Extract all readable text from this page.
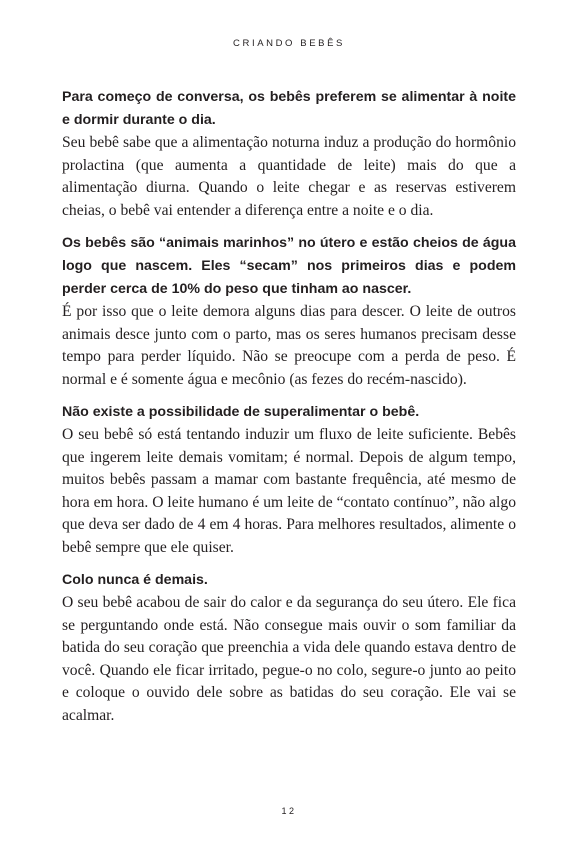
CRIANDO BEBÊS

Para começo de conversa, os bebês preferem se alimentar à noite e dormir durante o dia.

Seu bebê sabe que a alimentação noturna induz a produção do hormônio prolactina (que aumenta a quantidade de leite) mais do que a alimentação diurna. Quando o leite chegar e as reservas estiverem cheias, o bebê vai entender a diferença entre a noite e o dia.

Os bebês são “animais marinhos” no útero e estão cheios de água logo que nascem. Eles “secam” nos primeiros dias e podem perder cerca de 10% do peso que tinham ao nascer.

É por isso que o leite demora alguns dias para descer. O leite de outros animais desce junto com o parto, mas os seres humanos precisam desse tempo para perder líquido. Não se preocupe com a perda de peso. É normal e é somente água e mecônio (as fezes do recém-nascido).

Não existe a possibilidade de superalimentar o bebê.

O seu bebê só está tentando induzir um fluxo de leite suficiente. Bebês que ingerem leite demais vomitam; é normal. Depois de algum tempo, muitos bebês passam a mamar com bastante frequência, até mesmo de hora em hora. O leite humano é um leite de “contato contínuo”, não algo que deva ser dado de 4 em 4 horas. Para melhores resultados, alimente o bebê sempre que ele quiser.

Colo nunca é demais.

O seu bebê acabou de sair do calor e da segurança do seu útero. Ele fica se perguntando onde está. Não consegue mais ouvir o som familiar da batida do seu coração que preenchia a vida dele quando estava dentro de você. Quando ele ficar irritado, pegue-o no colo, segure-o junto ao peito e coloque o ouvido dele sobre as batidas do seu coração. Ele vai se acalmar.

12
